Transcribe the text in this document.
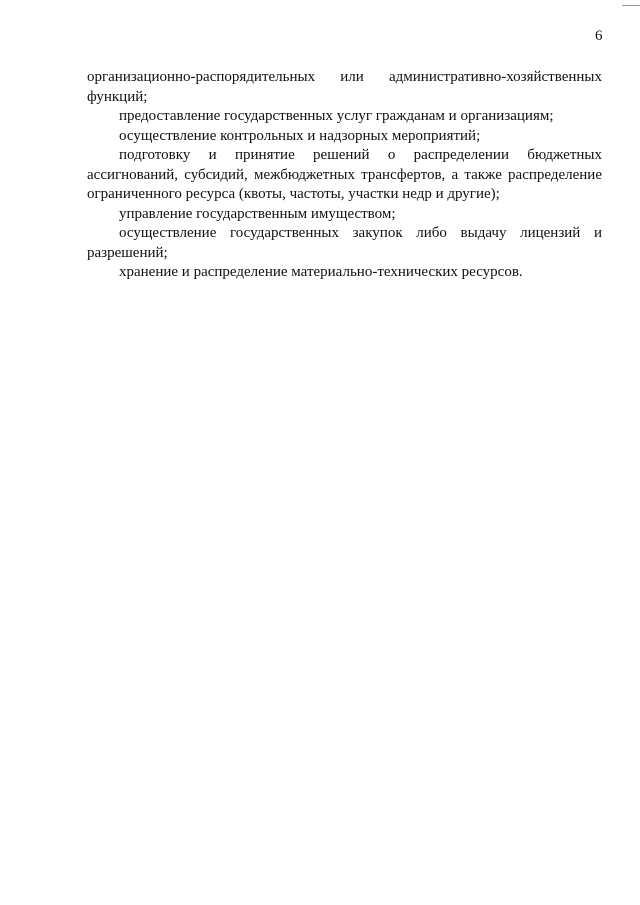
6

организационно-распорядительных или административно-хозяйственных функций;

предоставление государственных услуг гражданам и организациям;

осуществление контрольных и надзорных мероприятий;

подготовку и принятие решений о распределении бюджетных ассигнований, субсидий, межбюджетных трансфертов, а также распределение ограниченного ресурса (квоты, частоты, участки недр и другие);

управление государственным имуществом;

осуществление государственных закупок либо выдачу лицензий и разрешений;

хранение и распределение материально-технических ресурсов.
